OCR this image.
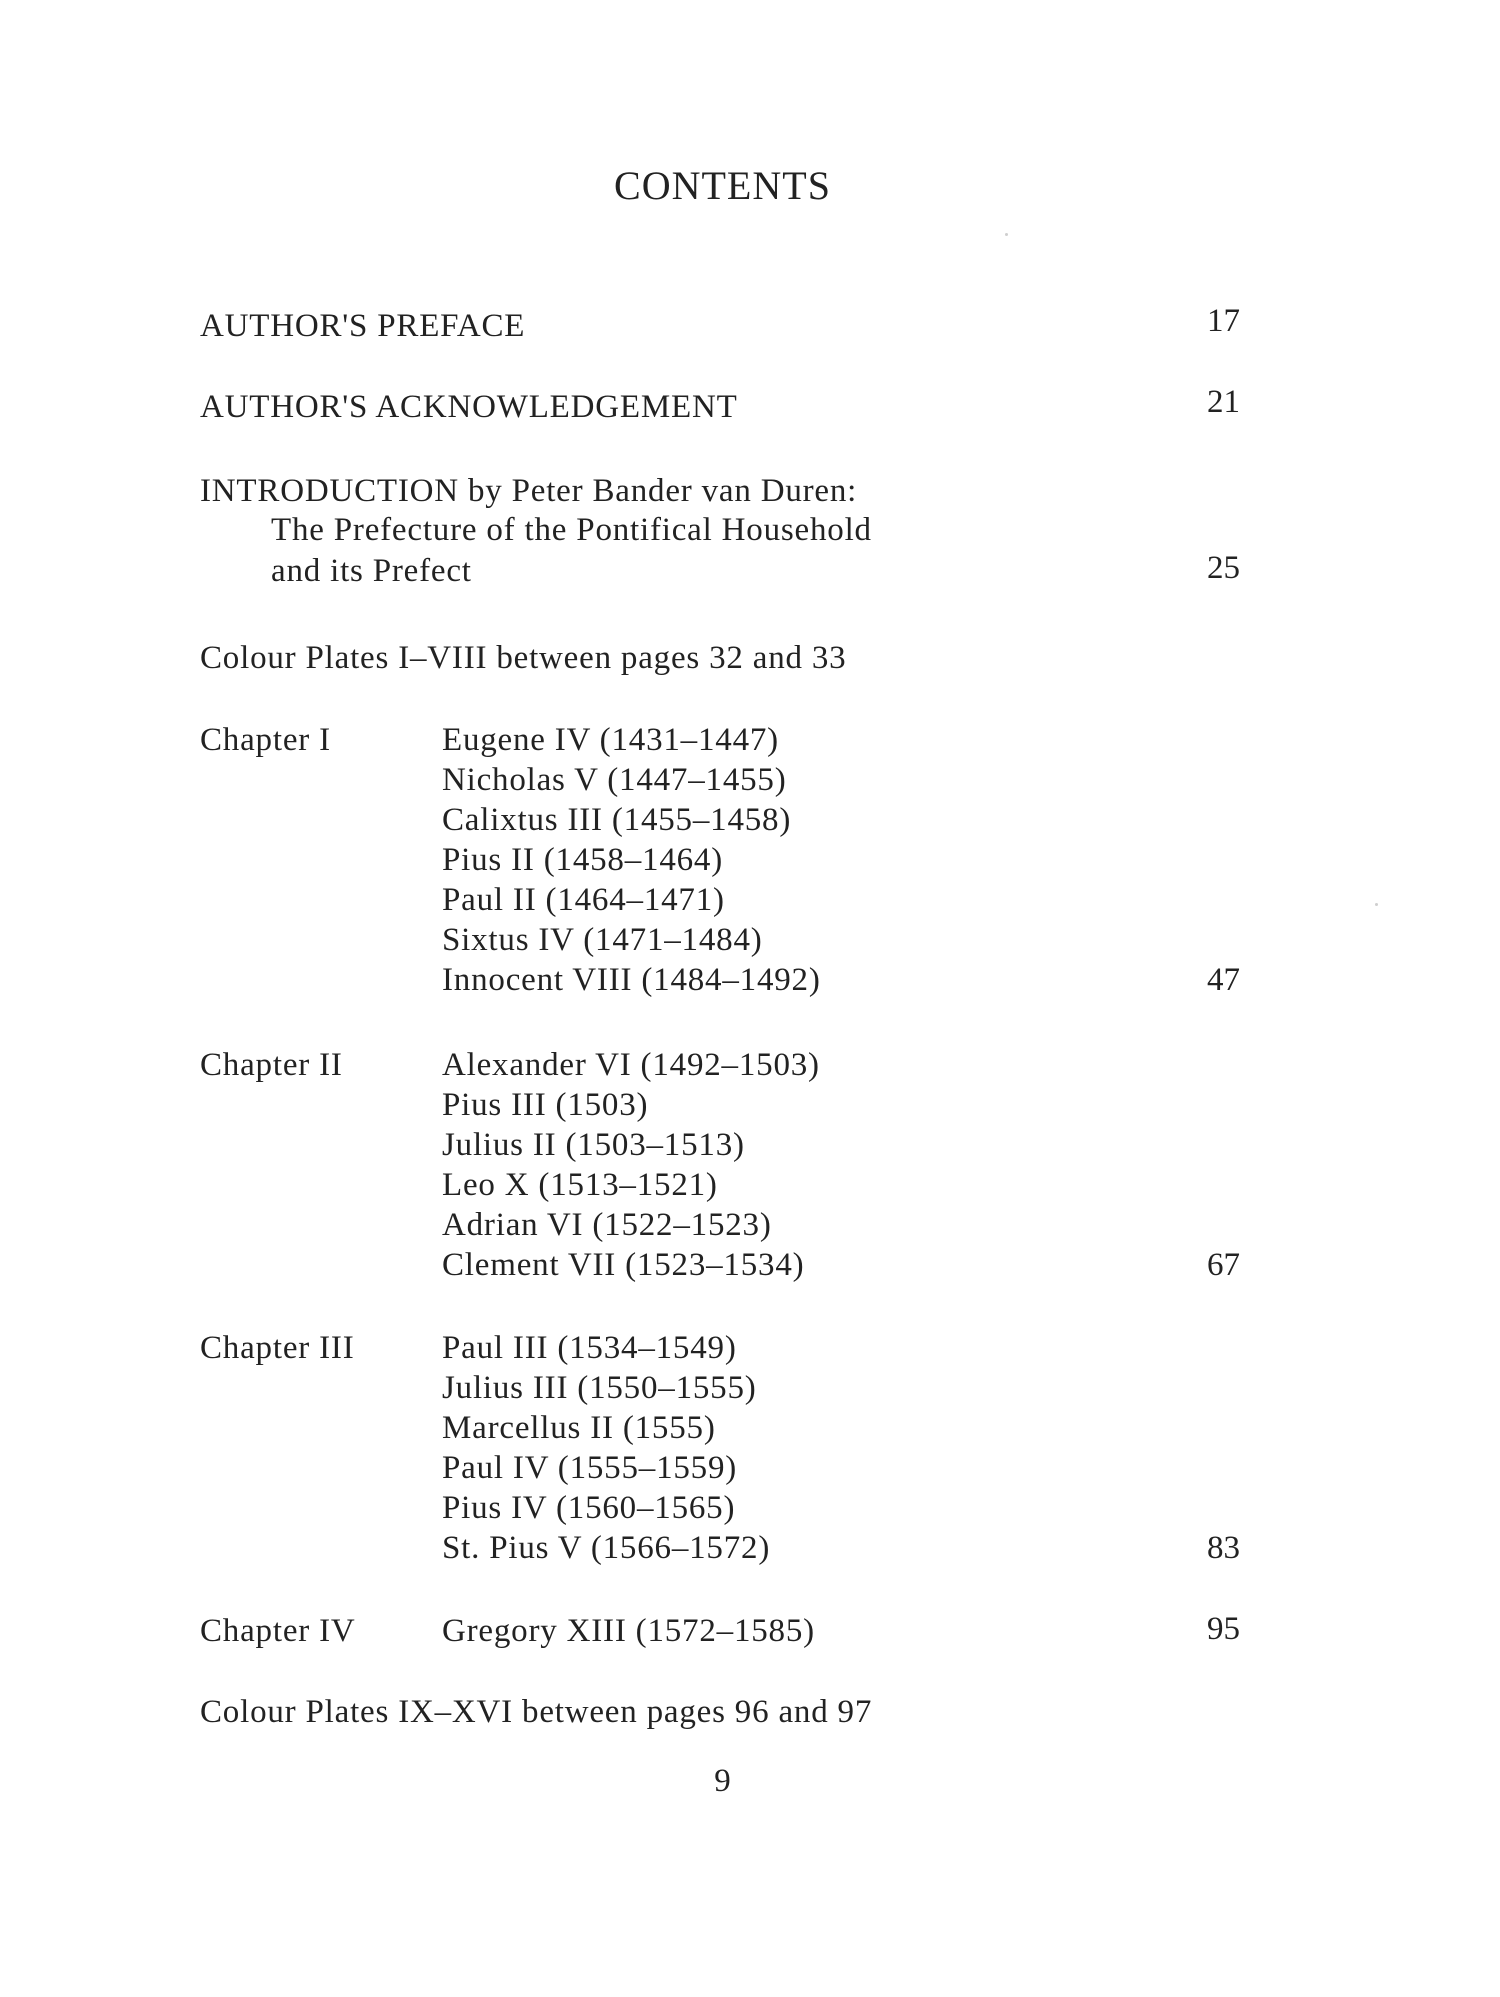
CONTENTS
AUTHOR'S PREFACE	17
AUTHOR'S ACKNOWLEDGEMENT	21
INTRODUCTION by Peter Bander van Duren:
The Prefecture of the Pontifical Household
and its Prefect	25
Colour Plates I–VIII between pages 32 and 33
Chapter I	Eugene IV (1431–1447)
Nicholas V (1447–1455)
Calixtus III (1455–1458)
Pius II (1458–1464)
Paul II (1464–1471)
Sixtus IV (1471–1484)
Innocent VIII (1484–1492)	47
Chapter II	Alexander VI (1492–1503)
Pius III (1503)
Julius II (1503–1513)
Leo X (1513–1521)
Adrian VI (1522–1523)
Clement VII (1523–1534)	67
Chapter III	Paul III (1534–1549)
Julius III (1550–1555)
Marcellus II (1555)
Paul IV (1555–1559)
Pius IV (1560–1565)
St. Pius V (1566–1572)	83
Chapter IV	Gregory XIII (1572–1585)	95
Colour Plates IX–XVI between pages 96 and 97
9
